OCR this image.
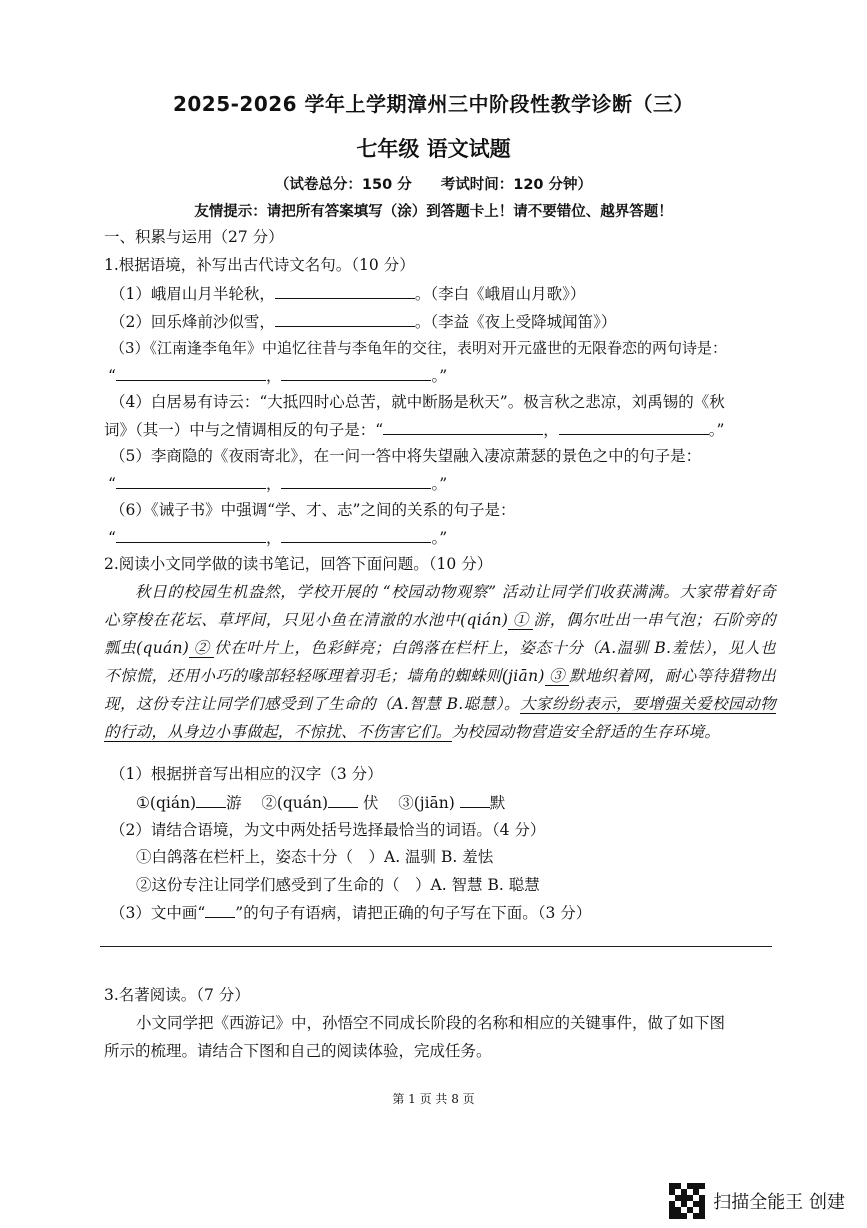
2025-2026 学年上学期漳州三中阶段性教学诊断（三）
七年级 语文试题
（试卷总分：150 分　　考试时间：120 分钟）
友情提示：请把所有答案填写（涂）到答题卡上！请不要错位、越界答题！
一、积累与运用（27 分）
1.根据语境，补写出古代诗文名句。（10 分）
（1）峨眉山月半轮秋，	。（李白《峨眉山月歌》）
（2）回乐烽前沙似雪，	。（李益《夜上受降城闻笛》）
（3）《江南逢李龟年》中追忆往昔与李龟年的交往，表明对开元盛世的无限眷恋的两句诗是：
“	，	。”
（4）白居易有诗云：“大抵四时心总苦，就中断肠是秋天”。极言秋之悲凉，刘禹锡的《秋
词》（其一）中与之情调相反的句子是：“	，	。”
（5）李商隐的《夜雨寄北》，在一问一答中将失望融入凄凉萧瑟的景色之中的句子是：
“	，	。”
（6）《诫子书》中强调“学、才、志”之间的关系的句子是：
“	，	。”
2.阅读小文同学做的读书笔记，回答下面问题。（10 分）

秋日的校园生机盎然，学校开展的 “校园动物观察” 活动让同学们收获满满。大家带着好奇心穿梭在花坛、草坪间，只见小鱼在清澈的水池中(qián)  ①  游，偶尔吐出一串气泡；石阶旁的瓢虫(quán)  ②  伏在叶片上，色彩鲜亮；白鸽落在栏杆上，姿态十分（A.温驯 B.羞怯），见人也不惊慌，还用小巧的喙部轻轻啄理着羽毛；墙角的蜘蛛则(jiān)  ③  默地织着网，耐心等待猎物出现，这份专注让同学们感受到了生命的（A.智慧 B.聪慧）。大家纷纷表示，要增强关爱校园动物的行动，从身边小事做起，不惊扰、不伤害它们。为校园动物营造安全舒适的生存环境。

（1）根据拼音写出相应的汉字（3 分）
①(qián) 游 ②(quán) 伏 ③(jiān) 默
（2）请结合语境，为文中两处括号选择最恰当的词语。（4 分）
①白鸽落在栏杆上，姿态十分（　）A. 温驯 B. 羞怯
②这份专注让同学们感受到了生命的（　）A. 智慧 B. 聪慧
（3）文中画“ ”的句子有语病，请把正确的句子写在下面。（3 分）
3.名著阅读。（7 分）
小文同学把《西游记》中，孙悟空不同成长阶段的名称和相应的关键事件，做了如下图
所示的梳理。请结合下图和自己的阅读体验，完成任务。
第 1 页 共 8 页
扫描全能王 创建
